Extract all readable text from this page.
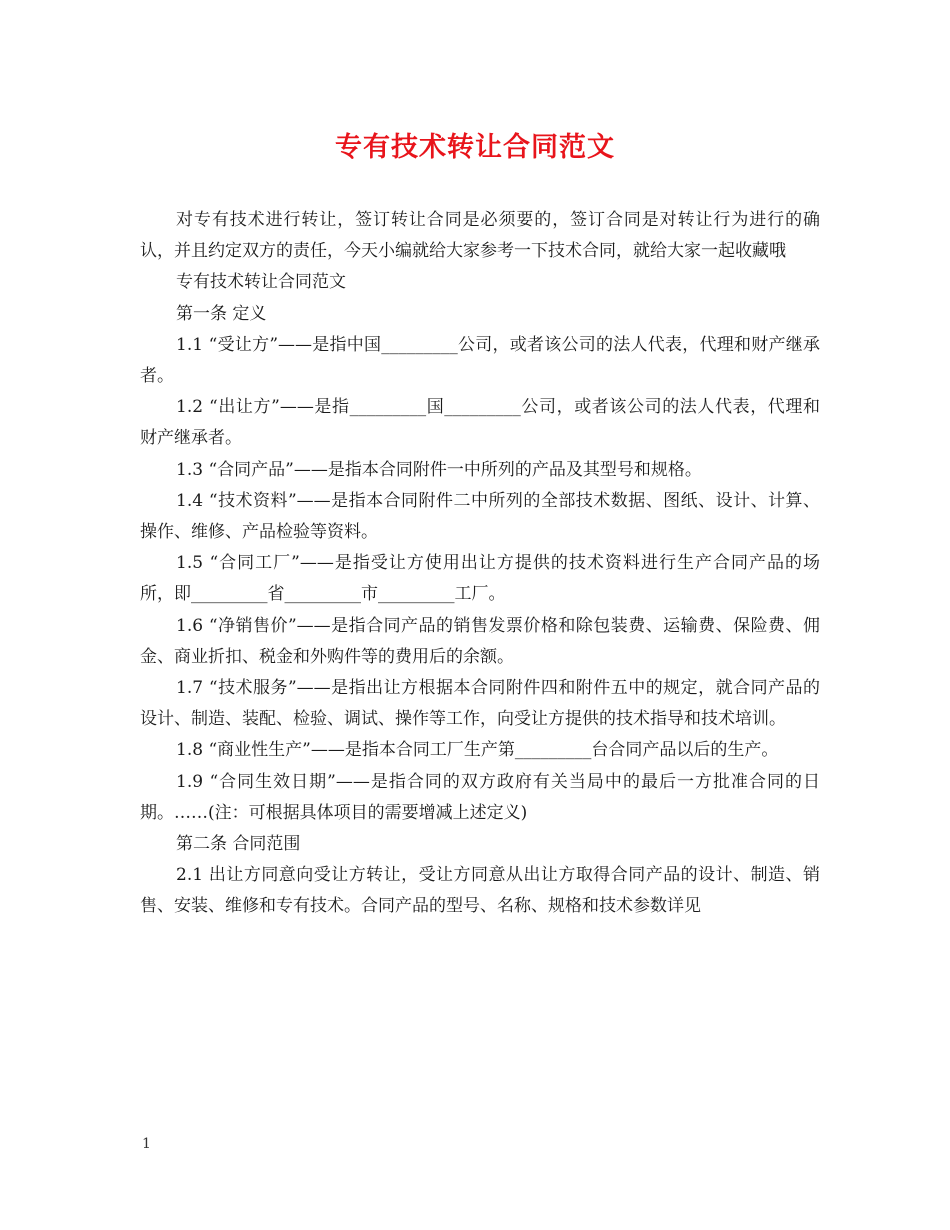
专有技术转让合同范文

对专有技术进行转让，签订转让合同是必须要的，签订合同是对转让行为进行的确认，并且约定双方的责任，今天小编就给大家参考一下技术合同，就给大家一起收藏哦

专有技术转让合同范文

第一条 定义

1.1 “受让方”——是指中国_________公司，或者该公司的法人代表，代理和财产继承者。

1.2 “出让方”——是指_________国_________公司，或者该公司的法人代表，代理和财产继承者。

1.3 “合同产品”——是指本合同附件一中所列的产品及其型号和规格。

1.4 “技术资料”——是指本合同附件二中所列的全部技术数据、图纸、设计、计算、操作、维修、产品检验等资料。

1.5 “合同工厂”——是指受让方使用出让方提供的技术资料进行生产合同产品的场所，即_________省_________市_________工厂。

1.6 “净销售价”——是指合同产品的销售发票价格和除包装费、运输费、保险费、佣金、商业折扣、税金和外购件等的费用后的余额。

1.7 “技术服务”——是指出让方根据本合同附件四和附件五中的规定，就合同产品的设计、制造、装配、检验、调试、操作等工作，向受让方提供的技术指导和技术培训。

1.8 “商业性生产”——是指本合同工厂生产第_________台合同产品以后的生产。

1.9 “合同生效日期”——是指合同的双方政府有关当局中的最后一方批准合同的日期。……(注：可根据具体项目的需要增减上述定义)

第二条 合同范围

2.1 出让方同意向受让方转让，受让方同意从出让方取得合同产品的设计、制造、销售、安装、维修和专有技术。合同产品的型号、名称、规格和技术参数详见

1
